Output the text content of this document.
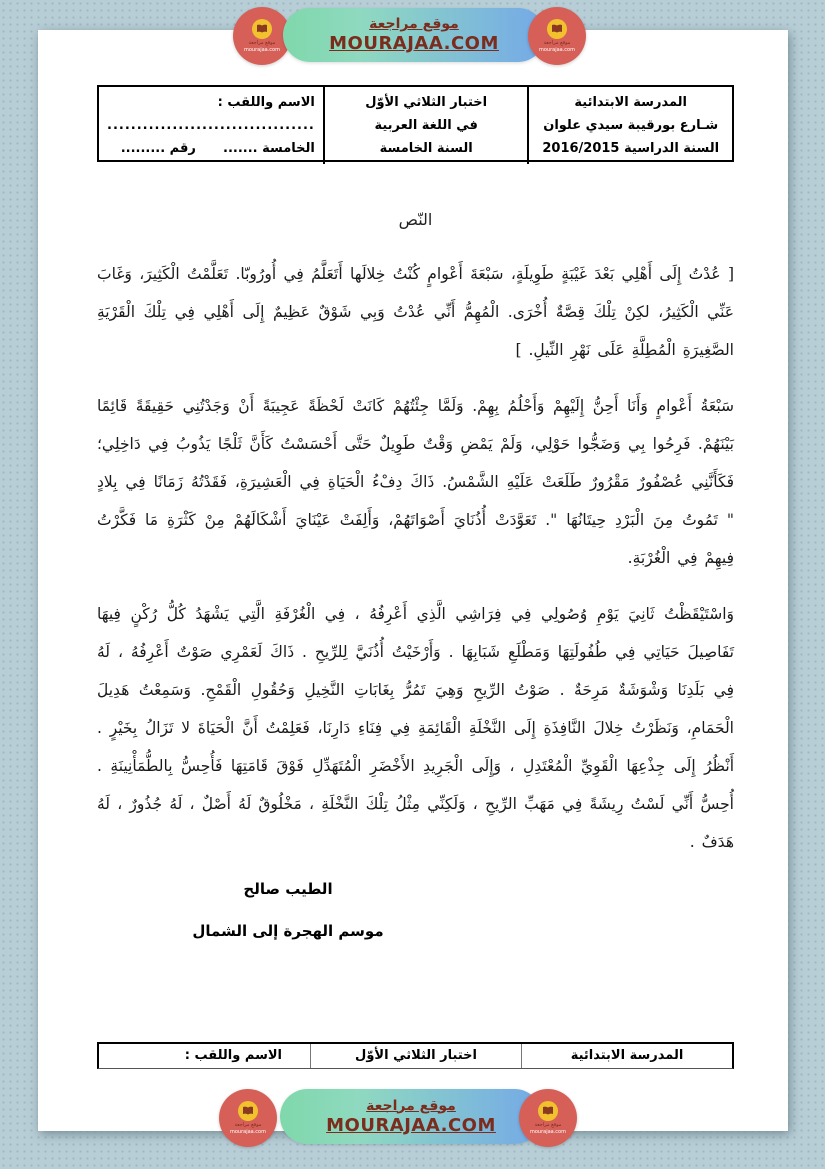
المدرسة الابتدائية
شـارع بورقيبة سيدي علوان
السنة الدراسية 2016/2015
اختبار الثلاثي الأوّل
في اللغة العربية
السنة الخامسة
الاسم واللقب :
...................................
الخامسة .......      رقم .........
النّص

[ عُدْتُ إِلَى أَهْلِي بَعْدَ غَيْبَةٍ طَوِيلَةٍ، سَبْعَةَ أَعْوامٍ كُنْتُ خِلالَها أَتَعَلَّمُ فِي أُورُوبّا. تَعَلَّمْتُ الْكَثِيرَ، وَغَابَ عَنِّي الْكَثِيرُ، لكِنْ تِلْكَ قِصَّةٌ أُخْرَى. الْمُهِمُّ أَنِّي عُدْتُ وَبِي شَوْقٌ عَظِيمٌ إِلَى أَهْلِي فِي تِلْكَ الْقَرْيَةِ الصَّغِيرَةِ الْمُطِلَّةِ عَلَى نَهْرِ النِّيلِ. ]

سَبْعَةُ أَعْوامٍ وَأَنَا أَحِنُّ إِلَيْهِمْ وَأَحْلُمُ بِهِمْ. وَلَمَّا جِئْتُهُمْ كَانَتْ لَحْظَةً عَجِيبَةً أَنْ وَجَدْتُنِي حَقِيقَةً قَائِمًا بَيْنَهُمْ. فَرِحُوا بِي وَضَجُّوا حَوْلِي، وَلَمْ يَمْضِ وَقْتٌ طَوِيلٌ حَتَّى أَحْسَسْتُ كَأَنَّ ثَلْجًا يَذُوبُ فِي دَاخِلِي؛ فَكَأَنَّنِي عُصْفُورٌ مَقْرُورٌ طَلَعَتْ عَلَيْهِ الشَّمْسُ. ذَاكَ دِفْءُ الْحَيَاةِ فِي الْعَشِيرَةِ، فَقَدْتُهُ زَمَانًا فِي بِلادٍ " تَمُوتُ مِنَ الْبَرْدِ حِيتَانُهَا ". تَعَوَّدَتْ أُذُنَايَ أَصْوَاتَهُمْ، وَأَلِفَتْ عَيْنَايَ أَشْكَالَهُمْ مِنْ كَثْرَةِ مَا فَكَّرْتُ فِيهِمْ فِي الْغُرْبَةِ.

وَاسْتَيْقَظْتُ ثَانِيَ يَوْمِ وُصُولِي فِي فِرَاشِي الَّذِي أَعْرِفُهُ ، فِي الْغُرْفَةِ الَّتِي يَشْهَدُ كُلُّ رُكْنٍ فِيهَا تَفَاصِيلَ حَيَاتِي فِي طُفُولَتِهَا وَمَطْلَعِ شَبَابِهَا . وَأَرْخَيْتُ أُذُنَيَّ لِلرِّيحِ . ذَاكَ لَعَمْرِي صَوْتٌ أَعْرِفُهُ ، لَهُ فِي بَلَدِنَا وَشْوَشَةٌ مَرِحَةٌ . صَوْتُ الرِّيحِ وَهِيَ تَمُرُّ بِغَابَاتِ النَّخِيلِ وَحُقُولِ الْقَمْحِ. وَسَمِعْتُ هَدِيلَ الْحَمَامِ، وَنَظَرْتُ خِلالَ النَّافِذَةِ إِلَى النَّخْلَةِ الْقَائِمَةِ فِي فِنَاءِ دَارِنَا، فَعَلِمْتُ أَنَّ الْحَيَاةَ لا تَزَالُ بِخَيْرٍ . أَنْظُرُ إِلَى جِذْعِهَا الْقَوِيِّ الْمُعْتَدِلِ ، وَإِلَى الْجَرِيدِ الأَخْضَرِ الْمُتَهَدِّلِ فَوْقَ قَامَتِهَا فَأُحِسُّ بِالطُّمَأْنِينَةِ . أُحِسُّ أَنِّي لَسْتُ رِيشَةً فِي مَهَبِّ الرِّيحِ ، وَلَكِنِّي مِثْلُ تِلْكَ النَّخْلَةِ ، مَخْلُوقٌ لَهُ أَصْلٌ ، لَهُ جُذُورٌ ، لَهُ هَدَفٌ .

الطيب صالح
موسم الهجرة إلى الشمال
المدرسة الابتدائية
اختبار الثلاثي الأوّل
الاسم واللقب :
موقع مراجعة
mourajaa.com
موقع مراجعة
MOURAJAA.COM	موقع مراجعة
mourajaa.com
موقع مراجعة
mourajaa.com
موقع مراجعة
MOURAJAA.COM	موقع مراجعة
mourajaa.com
